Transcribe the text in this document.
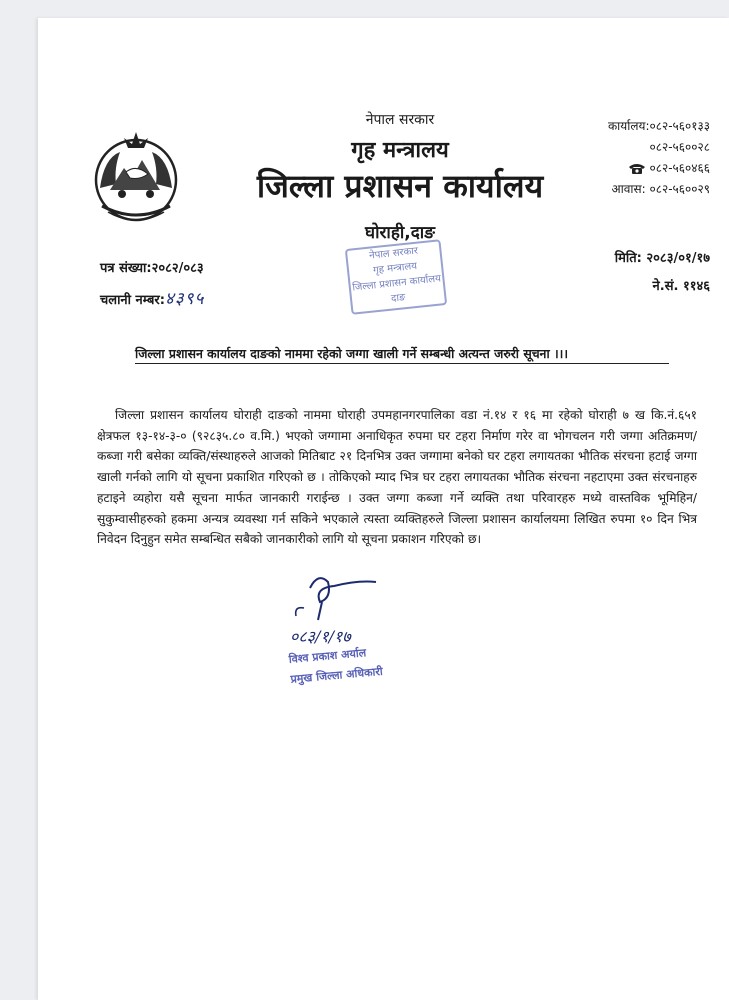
नेपाल सरकार
गृह मन्त्रालय
जिल्ला प्रशासन कार्यालय
घोराही,दाङ
कार्यालय:०८२-५६०१३३
०८२-५६००२८
०८२-५६०४६६
आवास: ०८२-५६००२९
पत्र संख्या:२०८२/०८३
चलानी नम्बर:४३९५
मिति: २०८३/०१/१७
ने.सं. ११४६
नेपाल सरकार
गृह मन्त्रालय
जिल्ला प्रशासन कार्यालय
दाङ
जिल्ला प्रशासन कार्यालय दाङको नाममा रहेको जग्गा खाली गर्ने सम्बन्धी अत्यन्त जरुरी सूचना ।।।
जिल्ला प्रशासन कार्यालय घोराही दाङको नाममा घोराही उपमहानगरपालिका वडा नं.१४ र १६ मा रहेको घोराही ७ ख कि.नं.६५१ क्षेत्रफल १३-१४-३-० (९२८३५.८० व.मि.) भएको जग्गामा अनाधिकृत रुपमा घर टहरा निर्माण गरेर वा भोगचलन गरी जग्गा अतिक्रमण/कब्जा गरी बसेका व्यक्ति/संस्थाहरुले आजको मितिबाट २१ दिनभित्र उक्त जग्गामा बनेको घर टहरा लगायतका भौतिक संरचना हटाई जग्गा खाली गर्नको लागि यो सूचना प्रकाशित गरिएको छ । तोकिएको म्याद भित्र घर टहरा लगायतका भौतिक संरचना नहटाएमा उक्त संरचनाहरु हटाइने व्यहोरा यसै सूचना मार्फत जानकारी गराईन्छ । उक्त जग्गा कब्जा गर्ने व्यक्ति तथा परिवारहरु मध्ये वास्तविक भूमिहिन/सुकुम्वासीहरुको हकमा अन्यत्र व्यवस्था गर्न सकिने भएकाले त्यस्ता व्यक्तिहरुले जिल्ला प्रशासन कार्यालयमा लिखित रुपमा १० दिन भित्र निवेदन दिनुहुन समेत सम्बन्धित सबैको जानकारीको लागि यो सूचना प्रकाशन गरिएको छ।
०८३/१/१७
विश्व प्रकाश अर्याल
प्रमुख जिल्ला अधिकारी
